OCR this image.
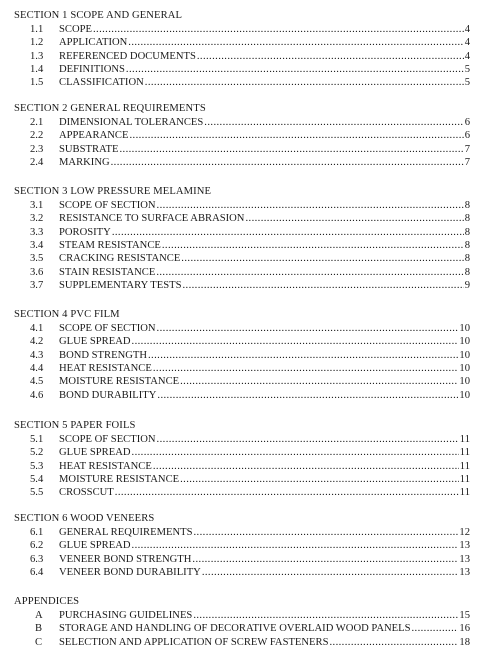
SECTION 1 SCOPE AND GENERAL
1.1 SCOPE .....	4
1.2 APPLICATION .....	4
1.3 REFERENCED DOCUMENTS .....	4
1.4 DEFINITIONS .....	5
1.5 CLASSIFICATION .....	5
SECTION 2 GENERAL REQUIREMENTS
2.1 DIMENSIONAL TOLERANCES .....	6
2.2 APPEARANCE .....	6
2.3 SUBSTRATE .....	7
2.4 MARKING .....	7
SECTION 3 LOW PRESSURE MELAMINE
3.1 SCOPE OF SECTION .....	8
3.2 RESISTANCE TO SURFACE ABRASION .....	8
3.3 POROSITY .....	8
3.4 STEAM RESISTANCE .....	8
3.5 CRACKING RESISTANCE .....	8
3.6 STAIN RESISTANCE .....	8
3.7 SUPPLEMENTARY TESTS .....	9
SECTION 4 PVC FILM
4.1 SCOPE OF SECTION .....	10
4.2 GLUE SPREAD .....	10
4.3 BOND STRENGTH .....	10
4.4 HEAT RESISTANCE .....	10
4.5 MOISTURE RESISTANCE .....	10
4.6 BOND DURABILITY .....	10
SECTION 5 PAPER FOILS
5.1 SCOPE OF SECTION .....	11
5.2 GLUE SPREAD .....	11
5.3 HEAT RESISTANCE .....	11
5.4 MOISTURE RESISTANCE .....	11
5.5 CROSSCUT .....	11
SECTION 6 WOOD VENEERS
6.1 GENERAL REQUIREMENTS .....	12
6.2 GLUE SPREAD .....	13
6.3 VENEER BOND STRENGTH .....	13
6.4 VENEER BOND DURABILITY .....	13
APPENDICES
A PURCHASING GUIDELINES .....	15
B STORAGE AND HANDLING OF DECORATIVE OVERLAID WOOD PANELS .....	16
C SELECTION AND APPLICATION OF SCREW FASTENERS .....	18
